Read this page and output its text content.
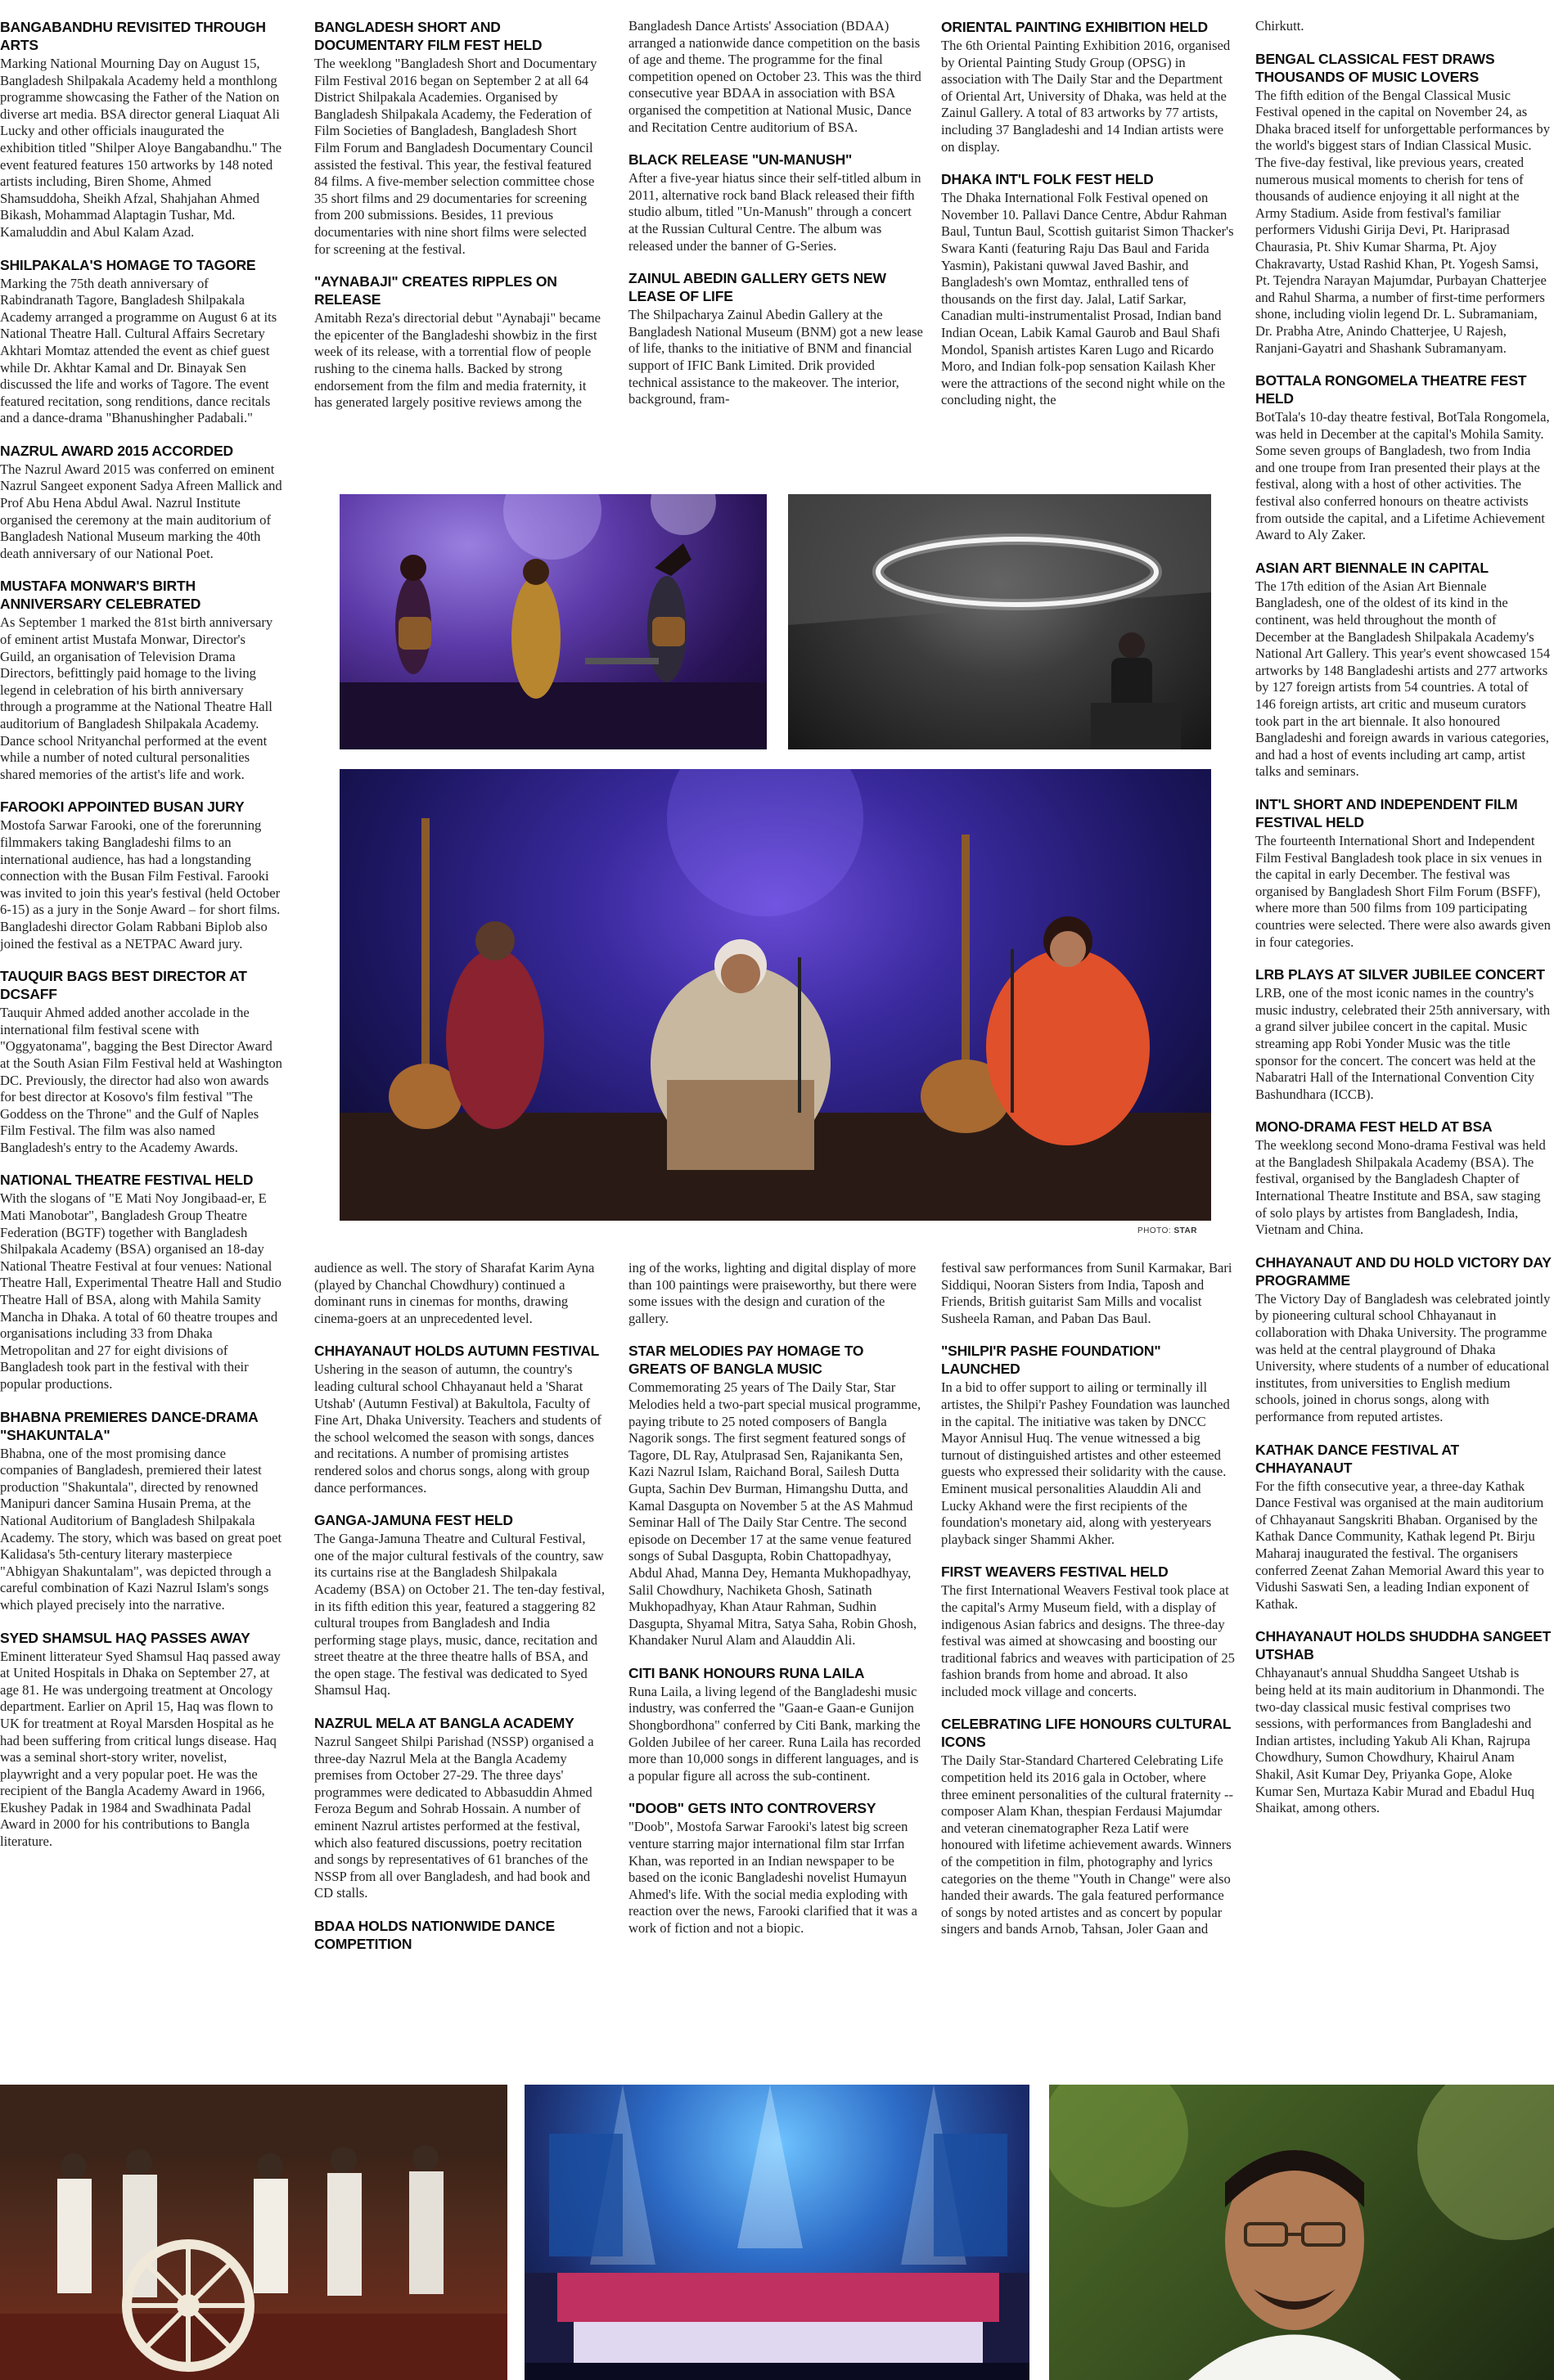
BANGABANDHU REVISITED THROUGH ARTS
Marking National Mourning Day on August 15, Bangladesh Shilpakala Academy held a monthlong programme showcasing the Father of the Nation on diverse art media. BSA director general Liaquat Ali Lucky and other officials inaugurated the exhibition titled "Shilper Aloye Bangabandhu." The event featured features 150 artworks by 148 noted artists including, Biren Shome, Ahmed Shamsuddoha, Sheikh Afzal, Shahjahan Ahmed Bikash, Mohammad Alaptagin Tushar, Md. Kamaluddin and Abul Kalam Azad.
SHILPAKALA'S HOMAGE TO TAGORE
Marking the 75th death anniversary of Rabindranath Tagore, Bangladesh Shilpakala Academy arranged a programme on August 6 at its National Theatre Hall. Cultural Affairs Secretary Akhtari Momtaz attended the event as chief guest while Dr. Akhtar Kamal and Dr. Binayak Sen discussed the life and works of Tagore. The event featured recitation, song renditions, dance recitals and a dance-drama "Bhanushingher Padabali."
NAZRUL AWARD 2015 ACCORDED
The Nazrul Award 2015 was conferred on eminent Nazrul Sangeet exponent Sadya Afreen Mallick and Prof Abu Hena Abdul Awal. Nazrul Institute organised the ceremony at the main auditorium of Bangladesh National Museum marking the 40th death anniversary of our National Poet.
MUSTAFA MONWAR'S BIRTH ANNIVERSARY CELEBRATED
As September 1 marked the 81st birth anniversary of eminent artist Mustafa Monwar, Director's Guild, an organisation of Television Drama Directors, befittingly paid homage to the living legend in celebration of his birth anniversary through a programme at the National Theatre Hall auditorium of Bangladesh Shilpakala Academy. Dance school Nrityanchal performed at the event while a number of noted cultural personalities shared memories of the artist's life and work.
FAROOKI APPOINTED BUSAN JURY
Mostofa Sarwar Farooki, one of the forerunning filmmakers taking Bangladeshi films to an international audience, has had a longstanding connection with the Busan Film Festival. Farooki was invited to join this year's festival (held October 6-15) as a jury in the Sonje Award – for short films. Bangladeshi director Golam Rabbani Biplob also joined the festival as a NETPAC Award jury.
TAUQUIR BAGS BEST DIRECTOR AT DCSAFF
Tauquir Ahmed added another accolade in the international film festival scene with "Oggyatonama", bagging the Best Director Award at the South Asian Film Festival held at Washington DC. Previously, the director had also won awards for best director at Kosovo's film festival "The Goddess on the Throne" and the Gulf of Naples Film Festival. The film was also named Bangladesh's entry to the Academy Awards.
NATIONAL THEATRE FESTIVAL HELD
With the slogans of "E Mati Noy Jongibaad-er, E Mati Manobotar", Bangladesh Group Theatre Federation (BGTF) together with Bangladesh Shilpakala Academy (BSA) organised an 18-day National Theatre Festival at four venues: National Theatre Hall, Experimental Theatre Hall and Studio Theatre Hall of BSA, along with Mahila Samity Mancha in Dhaka. A total of 60 theatre troupes and organisations including 33 from Dhaka Metropolitan and 27 for eight divisions of Bangladesh took part in the festival with their popular productions.
BHABNA PREMIERES DANCE-DRAMA "SHAKUNTALA"
Bhabna, one of the most promising dance companies of Bangladesh, premiered their latest production "Shakuntala", directed by renowned Manipuri dancer Samina Husain Prema, at the National Auditorium of Bangladesh Shilpakala Academy. The story, which was based on great poet Kalidasa's 5th-century literary masterpiece "Abhigyan Shakuntalam", was depicted through a careful combination of Kazi Nazrul Islam's songs which played precisely into the narrative.
SYED SHAMSUL HAQ PASSES AWAY
Eminent litterateur Syed Shamsul Haq passed away at United Hospitals in Dhaka on September 27, at age 81. He was undergoing treatment at Oncology department. Earlier on April 15, Haq was flown to UK for treatment at Royal Marsden Hospital as he had been suffering from critical lungs disease. Haq was a seminal short-story writer, novelist, playwright and a very popular poet. He was the recipient of the Bangla Academy Award in 1966, Ekushey Padak in 1984 and Swadhinata Padal Award in 2000 for his contributions to Bangla literature.
BANGLADESH SHORT AND DOCUMENTARY FILM FEST HELD
The weeklong "Bangladesh Short and Documentary Film Festival 2016 began on September 2 at all 64 District Shilpakala Academies. Organised by Bangladesh Shilpakala Academy, the Federation of Film Societies of Bangladesh, Bangladesh Short Film Forum and Bangladesh Documentary Council assisted the festival. This year, the festival featured 84 films. A five-member selection committee chose 35 short films and 29 documentaries for screening from 200 submissions. Besides, 11 previous documentaries with nine short films were selected for screening at the festival.
"AYNABAJI" CREATES RIPPLES ON RELEASE
Amitabh Reza's directorial debut "Aynabaji" became the epicenter of the Bangladeshi showbiz in the first week of its release, with a torrential flow of people rushing to the cinema halls. Backed by strong endorsement from the film and media fraternity, it has generated largely positive reviews among the
Bangladesh Dance Artists' Association (BDAA) arranged a nationwide dance competition on the basis of age and theme. The programme for the final competition opened on October 23. This was the third consecutive year BDAA in association with BSA organised the competition at National Music, Dance and Recitation Centre auditorium of BSA.
BLACK RELEASE "UN-MANUSH"
After a five-year hiatus since their self-titled album in 2011, alternative rock band Black released their fifth studio album, titled "Un-Manush" through a concert at the Russian Cultural Centre. The album was released under the banner of G-Series.
ZAINUL ABEDIN GALLERY GETS NEW LEASE OF LIFE
The Shilpacharya Zainul Abedin Gallery at the Bangladesh National Museum (BNM) got a new lease of life, thanks to the initiative of BNM and financial support of IFIC Bank Limited. Drik provided technical assistance to the makeover. The interior, background, fram-
ORIENTAL PAINTING EXHIBITION HELD
The 6th Oriental Painting Exhibition 2016, organised by Oriental Painting Study Group (OPSG) in association with The Daily Star and the Department of Oriental Art, University of Dhaka, was held at the Zainul Gallery. A total of 83 artworks by 77 artists, including 37 Bangladeshi and 14 Indian artists were on display.
DHAKA INT'L FOLK FEST HELD
The Dhaka International Folk Festival opened on November 10. Pallavi Dance Centre, Abdur Rahman Baul, Tuntun Baul, Scottish guitarist Simon Thacker's Swara Kanti (featuring Raju Das Baul and Farida Yasmin), Pakistani quwwal Javed Bashir, and Bangladesh's own Momtaz, enthralled tens of thousands on the first day. Jalal, Latif Sarkar, Canadian multi-instrumentalist Prosad, Indian band Indian Ocean, Labik Kamal Gaurob and Baul Shafi Mondol, Spanish artistes Karen Lugo and Ricardo Moro, and Indian folk-pop sensation Kailash Kher were the attractions of the second night while on the concluding night, the
Chirkutt.
BENGAL CLASSICAL FEST DRAWS THOUSANDS OF MUSIC LOVERS
The fifth edition of the Bengal Classical Music Festival opened in the capital on November 24, as Dhaka braced itself for unforgettable performances by the world's biggest stars of Indian Classical Music. The five-day festival, like previous years, created numerous musical moments to cherish for tens of thousands of audience enjoying it all night at the Army Stadium. Aside from festival's familiar performers Vidushi Girija Devi, Pt. Hariprasad Chaurasia, Pt. Shiv Kumar Sharma, Pt. Ajoy Chakravarty, Ustad Rashid Khan, Pt. Yogesh Samsi, Pt. Tejendra Narayan Majumdar, Purbayan Chatterjee and Rahul Sharma, a number of first-time performers shone, including violin legend Dr. L. Subramaniam, Dr. Prabha Atre, Anindo Chatterjee, U Rajesh, Ranjani-Gayatri and Shashank Subramanyam.
BOTTALA RONGOMELA THEATRE FEST HELD
BotTala's 10-day theatre festival, BotTala Rongomela, was held in December at the capital's Mohila Samity. Some seven groups of Bangladesh, two from India and one troupe from Iran presented their plays at the festival, along with a host of other activities. The festival also conferred honours on theatre activists from outside the capital, and a Lifetime Achievement Award to Aly Zaker.
ASIAN ART BIENNALE IN CAPITAL
The 17th edition of the Asian Art Biennale Bangladesh, one of the oldest of its kind in the continent, was held throughout the month of December at the Bangladesh Shilpakala Academy's National Art Gallery. This year's event showcased 154 artworks by 148 Bangladeshi artists and 277 artworks by 127 foreign artists from 54 countries. A total of 146 foreign artists, art critic and museum curators took part in the art biennale. It also honoured Bangladeshi and foreign awards in various categories, and had a host of events including art camp, artist talks and seminars.
INT'L SHORT AND INDEPENDENT FILM FESTIVAL HELD
The fourteenth International Short and Independent Film Festival Bangladesh took place in six venues in the capital in early December. The festival was organised by Bangladesh Short Film Forum (BSFF), where more than 500 films from 109 participating countries were selected. There were also awards given in four categories.
LRB PLAYS AT SILVER JUBILEE CONCERT
LRB, one of the most iconic names in the country's music industry, celebrated their 25th anniversary, with a grand silver jubilee concert in the capital. Music streaming app Robi Yonder Music was the title sponsor for the concert. The concert was held at the Nabaratri Hall of the International Convention City Bashundhara (ICCB).
MONO-DRAMA FEST HELD AT BSA
The weeklong second Mono-drama Festival was held at the Bangladesh Shilpakala Academy (BSA). The festival, organised by the Bangladesh Chapter of International Theatre Institute and BSA, saw staging of solo plays by artistes from Bangladesh, India, Vietnam and China.
CHHAYANAUT AND DU HOLD VICTORY DAY PROGRAMME
The Victory Day of Bangladesh was celebrated jointly by pioneering cultural school Chhayanaut in collaboration with Dhaka University. The programme was held at the central playground of Dhaka University, where students of a number of educational institutes, from universities to English medium schools, joined in chorus songs, along with performance from reputed artistes.
KATHAK DANCE FESTIVAL AT CHHAYANAUT
For the fifth consecutive year, a three-day Kathak Dance Festival was organised at the main auditorium of Chhayanaut Sangskriti Bhaban. Organised by the Kathak Dance Community, Kathak legend Pt. Birju Maharaj inaugurated the festival. The organisers conferred Zeenat Zahan Memorial Award this year to Vidushi Saswati Sen, a leading Indian exponent of Kathak.
CHHAYANAUT HOLDS SHUDDHA SANGEET UTSHAB
Chhayanaut's annual Shuddha Sangeet Utshab is being held at its main auditorium in Dhanmondi. The two-day classical music festival comprises two sessions, with performances from Bangladeshi and Indian artistes, including Yakub Ali Khan, Rajrupa Chowdhury, Sumon Chowdhury, Khairul Anam Shakil, Asit Kumar Dey, Priyanka Gope, Aloke Kumar Sen, Murtaza Kabir Murad and Ebadul Huq Shaikat, among others.
audience as well. The story of Sharafat Karim Ayna (played by Chanchal Chowdhury) continued a dominant runs in cinemas for months, drawing cinema-goers at an unprecedented level.
CHHAYANAUT HOLDS AUTUMN FESTIVAL
Ushering in the season of autumn, the country's leading cultural school Chhayanaut held a 'Sharat Utshab' (Autumn Festival) at Bakultola, Faculty of Fine Art, Dhaka University. Teachers and students of the school welcomed the season with songs, dances and recitations. A number of promising artistes rendered solos and chorus songs, along with group dance performances.
GANGA-JAMUNA FEST HELD
The Ganga-Jamuna Theatre and Cultural Festival, one of the major cultural festivals of the country, saw its curtains rise at the Bangladesh Shilpakala Academy (BSA) on October 21. The ten-day festival, in its fifth edition this year, featured a staggering 82 cultural troupes from Bangladesh and India performing stage plays, music, dance, recitation and street theatre at the three theatre halls of BSA, and the open stage. The festival was dedicated to Syed Shamsul Haq.
NAZRUL MELA AT BANGLA ACADEMY
Nazrul Sangeet Shilpi Parishad (NSSP) organised a three-day Nazrul Mela at the Bangla Academy premises from October 27-29. The three days' programmes were dedicated to Abbasuddin Ahmed Feroza Begum and Sohrab Hossain. A number of eminent Nazrul artistes performed at the festival, which also featured discussions, poetry recitation and songs by representatives of 61 branches of the NSSP from all over Bangladesh, and had book and CD stalls.
BDAA HOLDS NATIONWIDE DANCE COMPETITION
ing of the works, lighting and digital display of more than 100 paintings were praiseworthy, but there were some issues with the design and curation of the gallery.
STAR MELODIES PAY HOMAGE TO GREATS OF BANGLA MUSIC
Commemorating 25 years of The Daily Star, Star Melodies held a two-part special musical programme, paying tribute to 25 noted composers of Bangla Nagorik songs. The first segment featured songs of Tagore, DL Ray, Atulprasad Sen, Rajanikanta Sen, Kazi Nazrul Islam, Raichand Boral, Sailesh Dutta Gupta, Sachin Dev Burman, Himangshu Dutta, and Kamal Dasgupta on November 5 at the AS Mahmud Seminar Hall of The Daily Star Centre. The second episode on December 17 at the same venue featured songs of Subal Dasgupta, Robin Chattopadhyay, Abdul Ahad, Manna Dey, Hemanta Mukhopadhyay, Salil Chowdhury, Nachiketa Ghosh, Satinath Mukhopadhyay, Khan Ataur Rahman, Sudhin Dasgupta, Shyamal Mitra, Satya Saha, Robin Ghosh, Khandaker Nurul Alam and Alauddin Ali.
CITI BANK HONOURS RUNA LAILA
Runa Laila, a living legend of the Bangladeshi music industry, was conferred the "Gaan-e Gaan-e Gunijon Shongbordhona" conferred by Citi Bank, marking the Golden Jubilee of her career. Runa Laila has recorded more than 10,000 songs in different languages, and is a popular figure all across the sub-continent.
"DOOB" GETS INTO CONTROVERSY
"Doob", Mostofa Sarwar Farooki's latest big screen venture starring major international film star Irrfan Khan, was reported in an Indian newspaper to be based on the iconic Bangladeshi novelist Humayun Ahmed's life. With the social media exploding with reaction over the news, Farooki clarified that it was a work of fiction and not a biopic.
festival saw performances from Sunil Karmakar, Bari Siddiqui, Nooran Sisters from India, Taposh and Friends, British guitarist Sam Mills and vocalist Susheela Raman, and Paban Das Baul.
"SHILPI'R PASHE FOUNDATION" LAUNCHED
In a bid to offer support to ailing or terminally ill artistes, the Shilpi'r Pashey Foundation was launched in the capital. The initiative was taken by DNCC Mayor Annisul Huq. The venue witnessed a big turnout of distinguished artistes and other esteemed guests who expressed their solidarity with the cause. Eminent musical personalities Alauddin Ali and Lucky Akhand were the first recipients of the foundation's monetary aid, along with yesteryears playback singer Shammi Akher.
FIRST WEAVERS FESTIVAL HELD
The first International Weavers Festival took place at the capital's Army Museum field, with a display of indigenous Asian fabrics and designs. The three-day festival was aimed at showcasing and boosting our traditional fabrics and weaves with participation of 25 fashion brands from home and abroad. It also included mock village and concerts.
CELEBRATING LIFE HONOURS CULTURAL ICONS
The Daily Star-Standard Chartered Celebrating Life competition held its 2016 gala in October, where three eminent personalities of the cultural fraternity -- composer Alam Khan, thespian Ferdausi Majumdar and veteran cinematographer Reza Latif were honoured with lifetime achievement awards. Winners of the competition in film, photography and lyrics categories on the theme "Youth in Change" were also handed their awards. The gala featured performance of songs by noted artistes and as concert by popular singers and bands Arnob, Tahsan, Joler Gaan and
PHOTO: STAR
